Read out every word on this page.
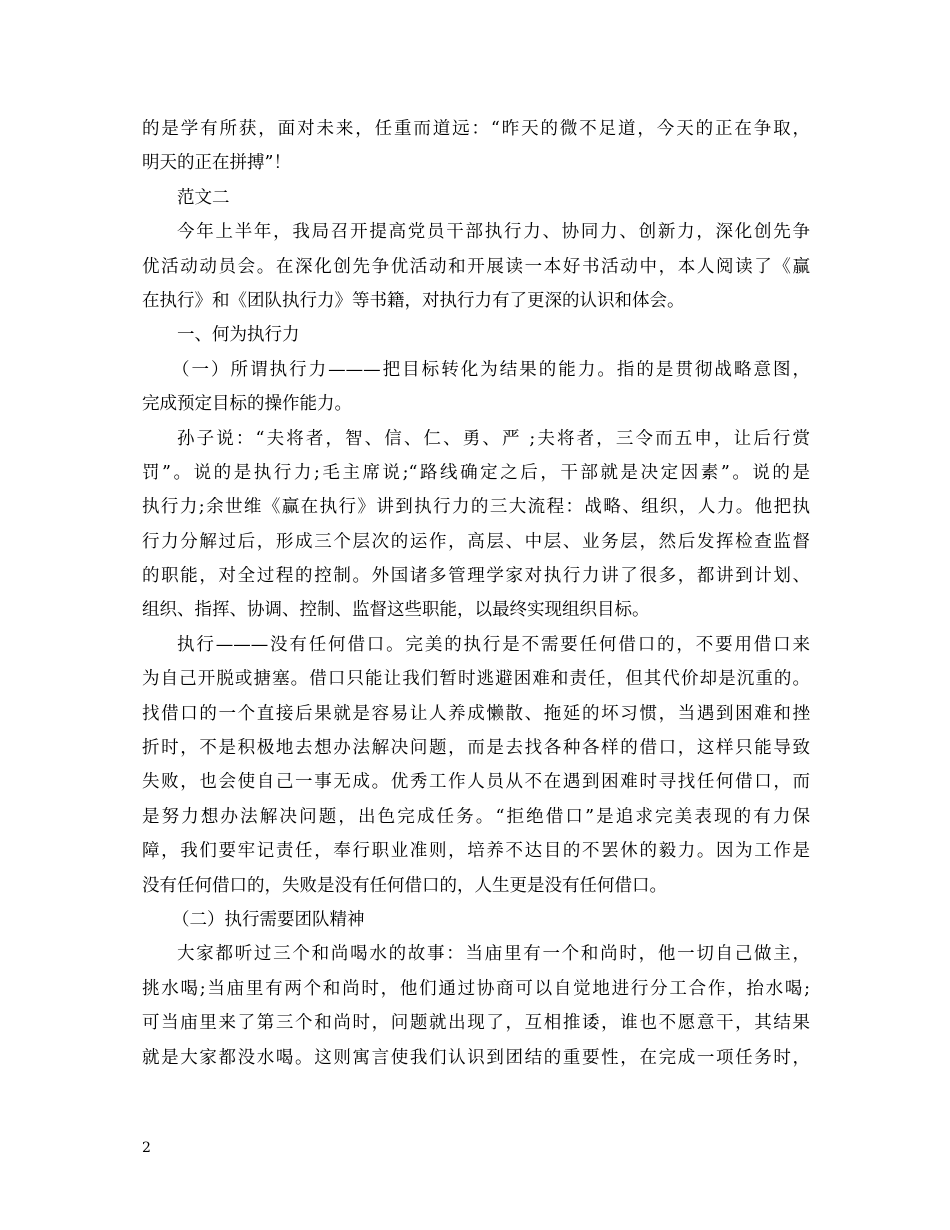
的是学有所获，面对未来，任重而道远：“昨天的微不足道，今天的正在争取，
明天的正在拼搏”！
范文二
今年上半年，我局召开提高党员干部执行力、协同力、创新力，深化创先争
优活动动员会。在深化创先争优活动和开展读一本好书活动中，本人阅读了《赢
在执行》和《团队执行力》等书籍，对执行力有了更深的认识和体会。
一、何为执行力
（一）所谓执行力———把目标转化为结果的能力。指的是贯彻战略意图，
完成预定目标的操作能力。
孙子说：“夫将者，智、信、仁、勇、严 ;夫将者，三令而五申，让后行赏
罚”。说的是执行力;毛主席说;“路线确定之后，干部就是决定因素”。说的是
执行力;余世维《赢在执行》讲到执行力的三大流程：战略、组织，人力。他把执
行力分解过后，形成三个层次的运作，高层、中层、业务层，然后发挥检查监督
的职能，对全过程的控制。外国诸多管理学家对执行力讲了很多，都讲到计划、
组织、指挥、协调、控制、监督这些职能，以最终实现组织目标。
执行———没有任何借口。完美的执行是不需要任何借口的，不要用借口来
为自己开脱或搪塞。借口只能让我们暂时逃避困难和责任，但其代价却是沉重的。
找借口的一个直接后果就是容易让人养成懒散、拖延的坏习惯，当遇到困难和挫
折时，不是积极地去想办法解决问题，而是去找各种各样的借口，这样只能导致
失败，也会使自己一事无成。优秀工作人员从不在遇到困难时寻找任何借口，而
是努力想办法解决问题，出色完成任务。“拒绝借口”是追求完美表现的有力保
障，我们要牢记责任，奉行职业准则，培养不达目的不罢休的毅力。因为工作是
没有任何借口的，失败是没有任何借口的，人生更是没有任何借口。
（二）执行需要团队精神
大家都听过三个和尚喝水的故事：当庙里有一个和尚时，他一切自己做主，
挑水喝;当庙里有两个和尚时，他们通过协商可以自觉地进行分工合作，抬水喝;
可当庙里来了第三个和尚时，问题就出现了，互相推诿，谁也不愿意干，其结果
就是大家都没水喝。这则寓言使我们认识到团结的重要性，在完成一项任务时，
2
